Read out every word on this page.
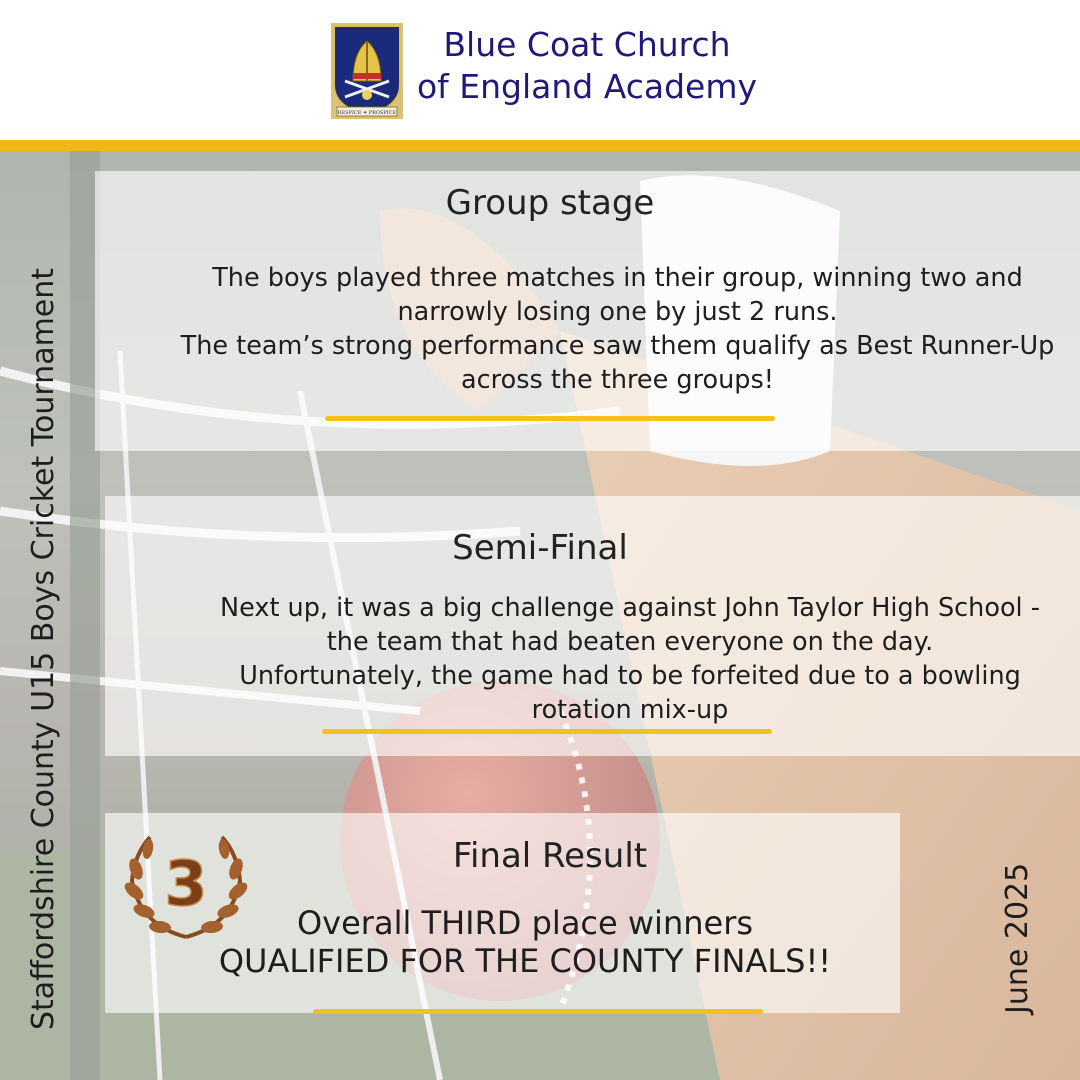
RESPICE ✦ PROSPICE
Blue Coat Church
of England Academy
Staffordshire County U15 Boys Cricket Tournament	June 2025
Group stage
The boys played three matches in their group, winning two and
narrowly losing one by just 2 runs.
The team’s strong performance saw them qualify as Best Runner-Up
across the three groups!
Semi-Final
Next up, it was a big challenge against John Taylor High School -
the team that had beaten everyone on the day.
Unfortunately, the game had to be forfeited due to a bowling
rotation mix-up
3	Final Result
Overall THIRD place winners
QUALIFIED FOR THE COUNTY FINALS!!
